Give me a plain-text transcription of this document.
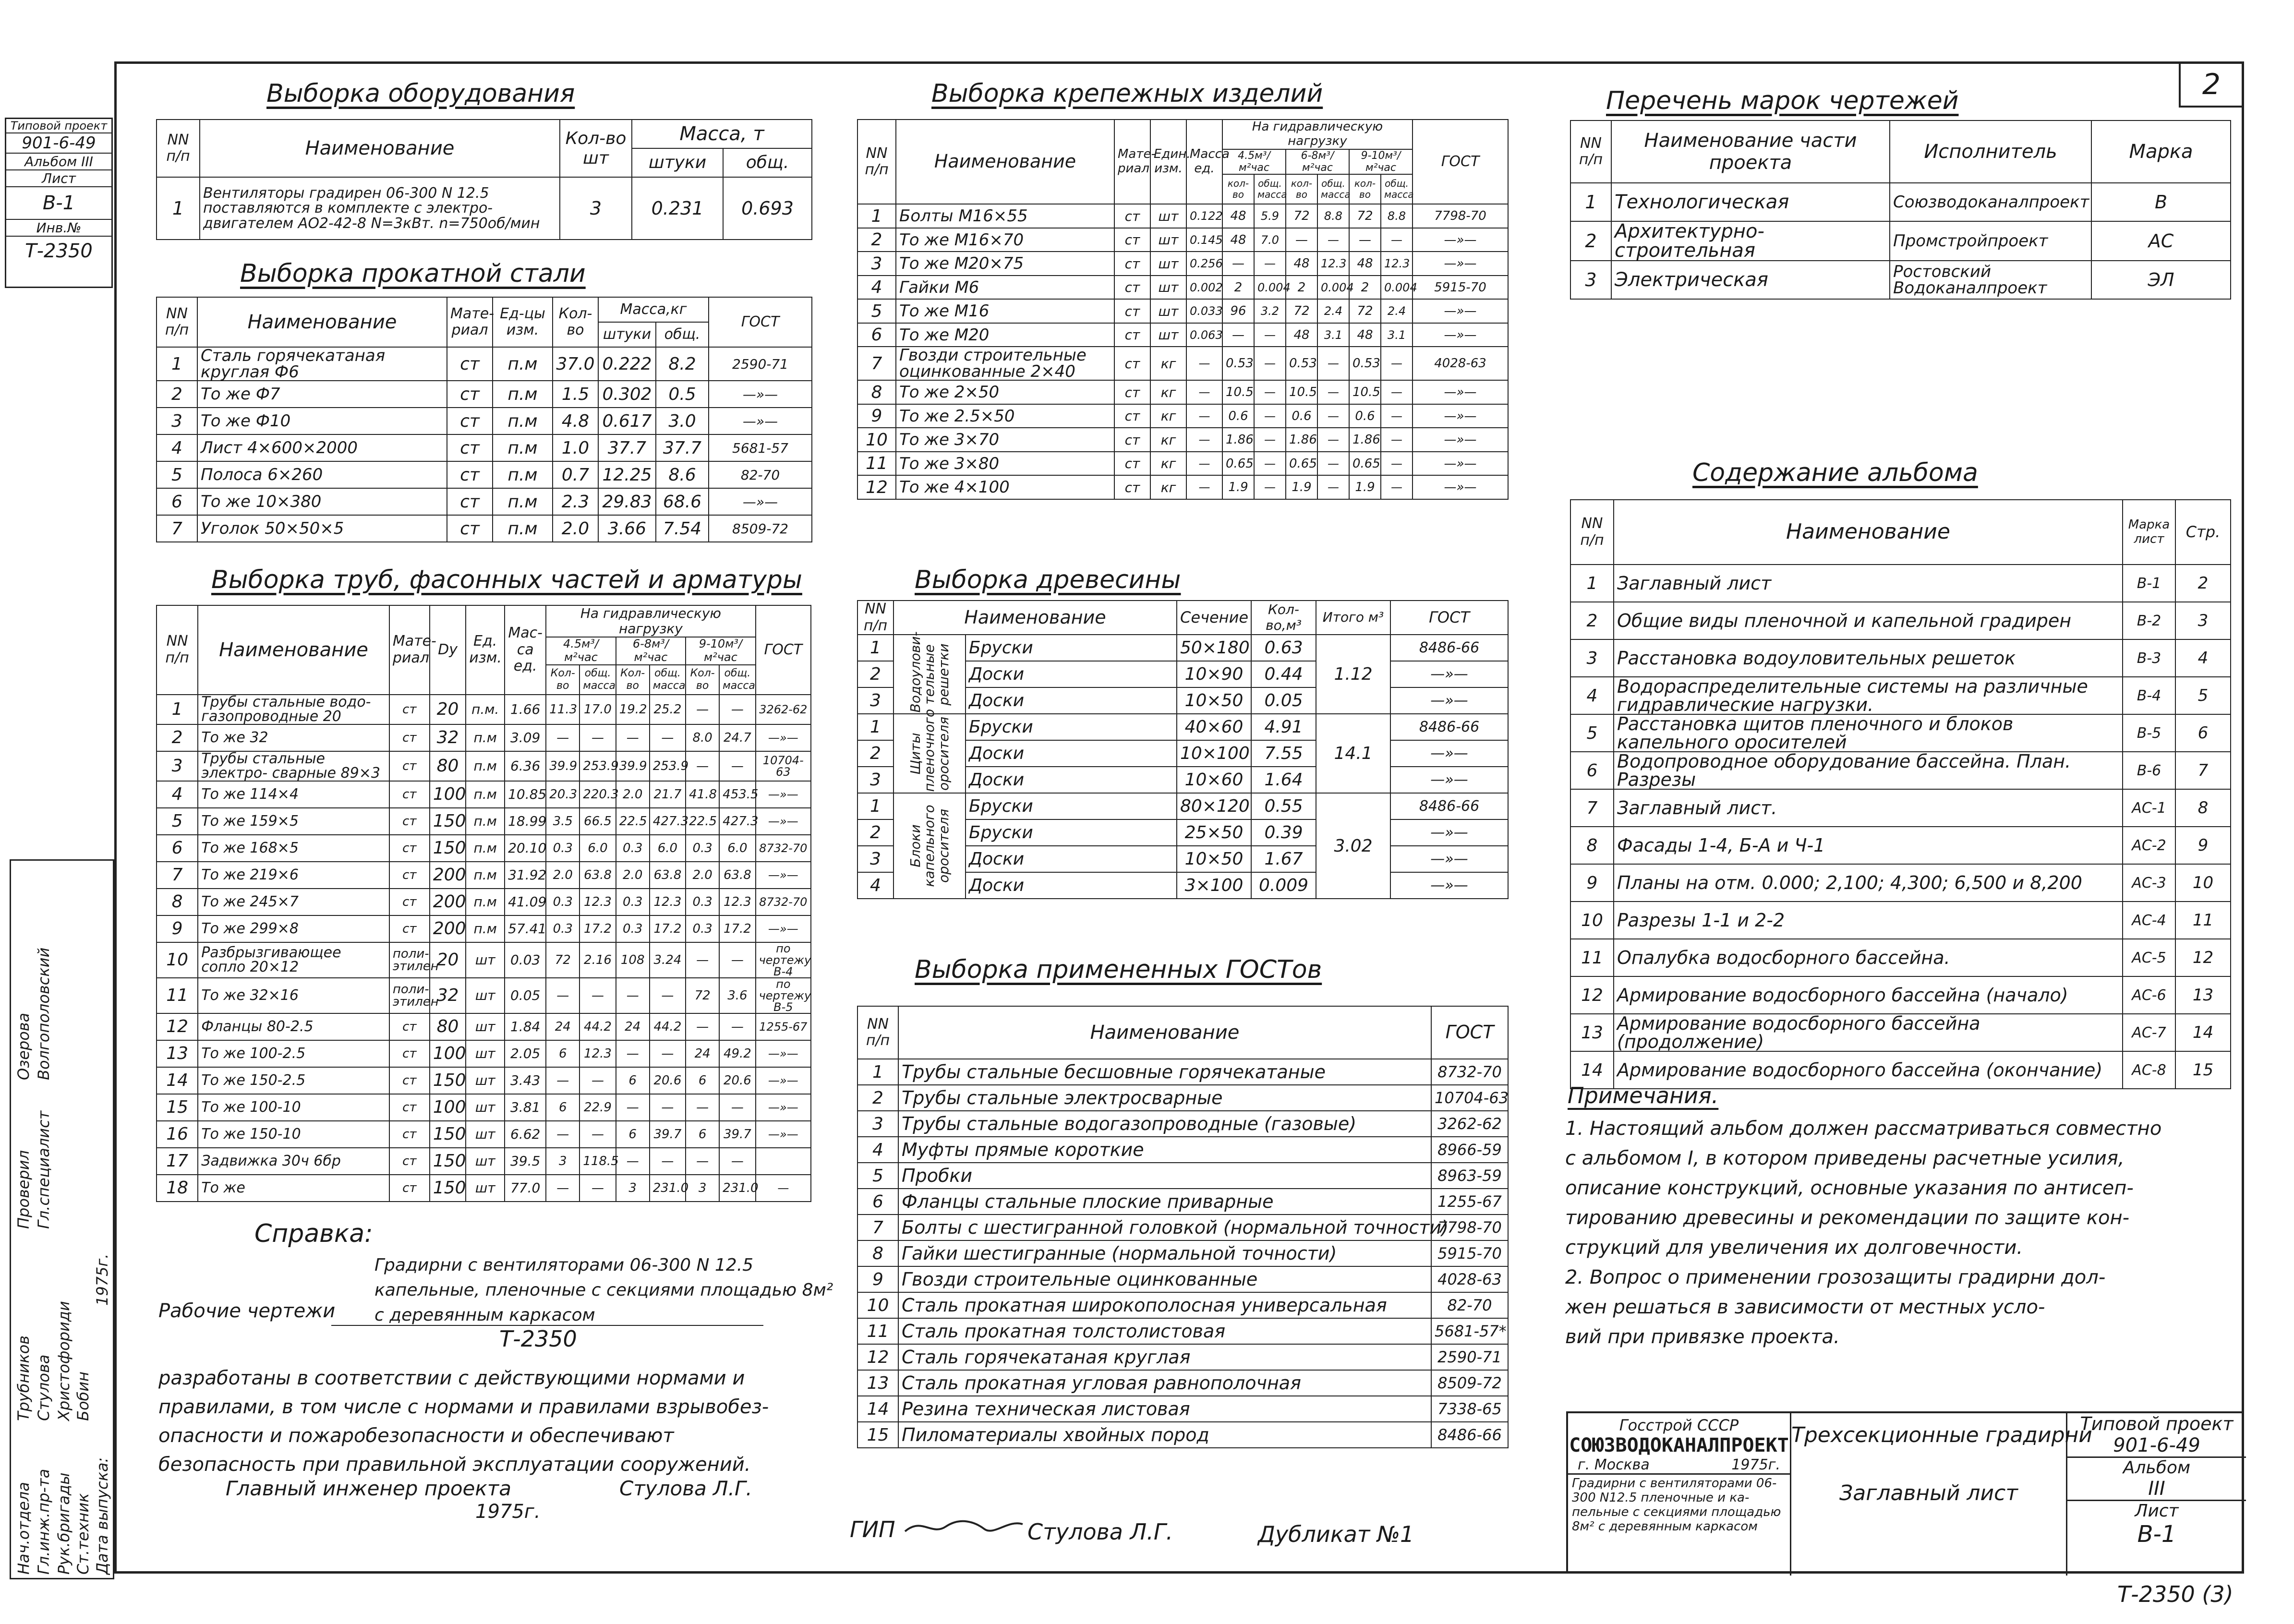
2
Типовой проект
901-6-49
Альбом III
Лист
В-1
Инв.№
Т-2350
Нач.отдела Гл.инж.пр-та Рук.бригады Ст.техник Дата выпуска:
Трубников Стулова Христофориди Бобин
1975г.
Проверил Гл.специалист
Озерова Волгополовский
Выборка оборудования
NN п/п	Наименование	Кол-во шт	Масса, т	
			штуки	общ.
1	Вентиляторы градирен 06-300 N 12.5 поставляются в комплекте с электро- двигателем АО2-42-8 N=3кВт. n=750об/мин	3	0.231	0.693
Выборка прокатной стали
NN п/п	Наименование	Мате- риал	Ед-цы изм.	Кол-во	Масса,кг		ГОСТ
					штуки	общ.	
1	Сталь горячекатаная круглая Ф6	ст	п.м	37.0	0.222	8.2	2590-71
2	То же Ф7	ст	п.м	1.5	0.302	0.5	—»—
3	То же Ф10	ст	п.м	4.8	0.617	3.0	—»—
4	Лист 4×600×2000	ст	п.м	1.0	37.7	37.7	5681-57
5	Полоса 6×260	ст	п.м	0.7	12.25	8.6	82-70
6	То же 10×380	ст	п.м	2.3	29.83	68.6	—»—
7	Уголок 50×50×5	ст	п.м	2.0	3.66	7.54	8509-72
Выборка труб, фасонных частей и арматуры
NN п/п	Наименование	Мате- риал	Dy	Ед. изм.	Мас- са ед.	На гидравлическую нагрузку						ГОСТ
						4.5м³/м²час		6-8м³/м²час		9-10м³/м²час		
						Кол-во	общ. масса	Кол-во	общ. масса	Кол-во	общ. масса	
1	Трубы стальные водо- газопроводные 20	ст	20	п.м.	1.66	11.3	17.0	19.2	25.2	—	—	3262-62
2	То же 32	ст	32	п.м	3.09	—	—	—	—	8.0	24.7	—»—
3	Трубы стальные электро- сварные 89×3	ст	80	п.м	6.36	39.9	253.9	39.9	253.9	—	—	10704-63
4	То же 114×4	ст	100	п.м	10.85	20.3	220.3	2.0	21.7	41.8	453.5	—»—
5	То же 159×5	ст	150	п.м	18.99	3.5	66.5	22.5	427.3	22.5	427.3	—»—
6	То же 168×5	ст	150	п.м	20.10	0.3	6.0	0.3	6.0	0.3	6.0	8732-70
7	То же 219×6	ст	200	п.м	31.92	2.0	63.8	2.0	63.8	2.0	63.8	—»—
8	То же 245×7	ст	200	п.м	41.09	0.3	12.3	0.3	12.3	0.3	12.3	8732-70
9	То же 299×8	ст	200	п.м	57.41	0.3	17.2	0.3	17.2	0.3	17.2	—»—
10	Разбрызгивающее сопло 20×12	поли- этилен	20	шт	0.03	72	2.16	108	3.24	—	—	по чертежу В-4
11	То же 32×16	поли- этилен	32	шт	0.05	—	—	—	—	72	3.6	по чертежу В-5
12	Фланцы 80-2.5	ст	80	шт	1.84	24	44.2	24	44.2	—	—	1255-67
13	То же 100-2.5	ст	100	шт	2.05	6	12.3	—	—	24	49.2	—»—
14	То же 150-2.5	ст	150	шт	3.43	—	—	6	20.6	6	20.6	—»—
15	То же 100-10	ст	100	шт	3.81	6	22.9	—	—	—	—	—»—
16	То же 150-10	ст	150	шт	6.62	—	—	6	39.7	6	39.7	—»—
17	Задвижка 30ч 6бр	ст	150	шт	39.5	3	118.5	—	—	—	—	
18	То же	ст	150	шт	77.0	—	—	3	231.0	3	231.0	—
Справка:
Рабочие чертежи
Градирни с вентиляторами 06-300 N 12.5
капельные, пленочные с секциями площадью 8м²
с деревянным каркасом
Т-2350
разработаны в соответствии с действующими нормами и
правилами, в том числе с нормами и правилами взрывобез-
опасности и пожаробезопасности и обеспечивают
безопасность при правильной эксплуатации сооружений.
Главный инженер проекта	Стулова Л.Г.
1975г.
Выборка крепежных изделий
NN п/п	Наименование	Мате- риал	Един. изм.	Масса ед.	На гидравлическую нагрузку						ГОСТ
					4.5м³/м²час		6-8м³/м²час		9-10м³/м²час		
					кол-во	общ. масса	кол-во	общ. масса	кол-во	общ. масса	
1	Болты М16×55	ст	шт	0.122	48	5.9	72	8.8	72	8.8	7798-70
2	То же М16×70	ст	шт	0.145	48	7.0	—	—	—	—	—»—
3	То же М20×75	ст	шт	0.256	—	—	48	12.3	48	12.3	—»—
4	Гайки М6	ст	шт	0.002	2	0.004	2	0.004	2	0.004	5915-70
5	То же М16	ст	шт	0.033	96	3.2	72	2.4	72	2.4	—»—
6	То же М20	ст	шт	0.063	—	—	48	3.1	48	3.1	—»—
7	Гвозди строительные оцинкованные 2×40	ст	кг	—	0.53	—	0.53	—	0.53	—	4028-63
8	То же 2×50	ст	кг	—	10.5	—	10.5	—	10.5	—	—»—
9	То же 2.5×50	ст	кг	—	0.6	—	0.6	—	0.6	—	—»—
10	То же 3×70	ст	кг	—	1.86	—	1.86	—	1.86	—	—»—
11	То же 3×80	ст	кг	—	0.65	—	0.65	—	0.65	—	—»—
12	То же 4×100	ст	кг	—	1.9	—	1.9	—	1.9	—	—»—
Выборка древесины
NN п/п	Наименование		Сечение	Кол-во,м³	Итого м³	ГОСТ
1	Водоулови- тельные решетки	Бруски	50×180	0.63	1.12	8486-66
2		Доски	10×90	0.44		—»—
3		Доски	10×50	0.05		—»—
1	Щиты пленочного оросителя	Бруски	40×60	4.91	14.1	8486-66
2		Доски	10×100	7.55		—»—
3		Доски	10×60	1.64		—»—
1	Блоки капельного оросителя	Бруски	80×120	0.55	3.02	8486-66
2		Бруски	25×50	0.39		—»—
3		Доски	10×50	1.67		—»—
4		Доски	3×100	0.009		—»—
Выборка примененных ГОСТов
NN п/п	Наименование	ГОСТ
1	Трубы стальные бесшовные горячекатаные	8732-70
2	Трубы стальные электросварные	10704-63
3	Трубы стальные водогазопроводные (газовые)	3262-62
4	Муфты прямые короткие	8966-59
5	Пробки	8963-59
6	Фланцы стальные плоские приварные	1255-67
7	Болты с шестигранной головкой (нормальной точности)	7798-70
8	Гайки шестигранные (нормальной точности)	5915-70
9	Гвозди строительные оцинкованные	4028-63
10	Сталь прокатная широкополосная универсальная	82-70
11	Сталь прокатная толстолистовая	5681-57*
12	Сталь горячекатаная круглая	2590-71
13	Сталь прокатная угловая равнополочная	8509-72
14	Резина техническая листовая	7338-65
15	Пиломатериалы хвойных пород	8486-66
ГИП	Стулова Л.Г.	Дубликат №1
Перечень марок чертежей
NN п/п	Наименование части проекта	Исполнитель	Марка
1	Технологическая	Союзводоканалпроект	В
2	Архитектурно- строительная	Промстройпроект	АС
3	Электрическая	Ростовский Водоканалпроект	ЭЛ
Содержание альбома
NN п/п	Наименование	Марка лист	Стр.
1	Заглавный лист	В-1	2
2	Общие виды пленочной и капельной градирен	В-2	3
3	Расстановка водоуловительных решеток	В-3	4
4	Водораспределительные системы на различные гидравлические нагрузки.	В-4	5
5	Расстановка щитов пленочного и блоков капельного оросителей	В-5	6
6	Водопроводное оборудование бассейна. План. Разрезы	В-6	7
7	Заглавный лист.	АС-1	8
8	Фасады 1-4, Б-А и Ч-1	АС-2	9
9	Планы на отм. 0.000; 2,100; 4,300; 6,500 и 8,200	АС-3	10
10	Разрезы 1-1 и 2-2	АС-4	11
11	Опалубка водосборного бассейна.	АС-5	12
12	Армирование водосборного бассейна (начало)	АС-6	13
13	Армирование водосборного бассейна (продолжение)	АС-7	14
14	Армирование водосборного бассейна (окончание)	АС-8	15
Примечания.
1. Настоящий альбом должен рассматриваться совместно
с альбомом I, в котором приведены расчетные усилия,
описание конструкций, основные указания по антисеп-
тированию древесины и рекомендации по защите кон-
струкций для увеличения их долговечности.
2. Вопрос о применении грозозащиты градирни дол-
жен решаться в зависимости от местных усло-
вий при привязке проекта.
Госстрой СССР
СОЮЗВОДОКАНАЛПРОЕКТ
г. Москва	1975г.
Градирни с вентиляторами 06-300 N12.5 пленочные и ка- пельные с секциями площадью 8м² с деревянным каркасом
Трехсекционные градирни
Заглавный лист
Типовой проект
901-6-49
Альбом
III
Лист
В-1
Т-2350 (3)
